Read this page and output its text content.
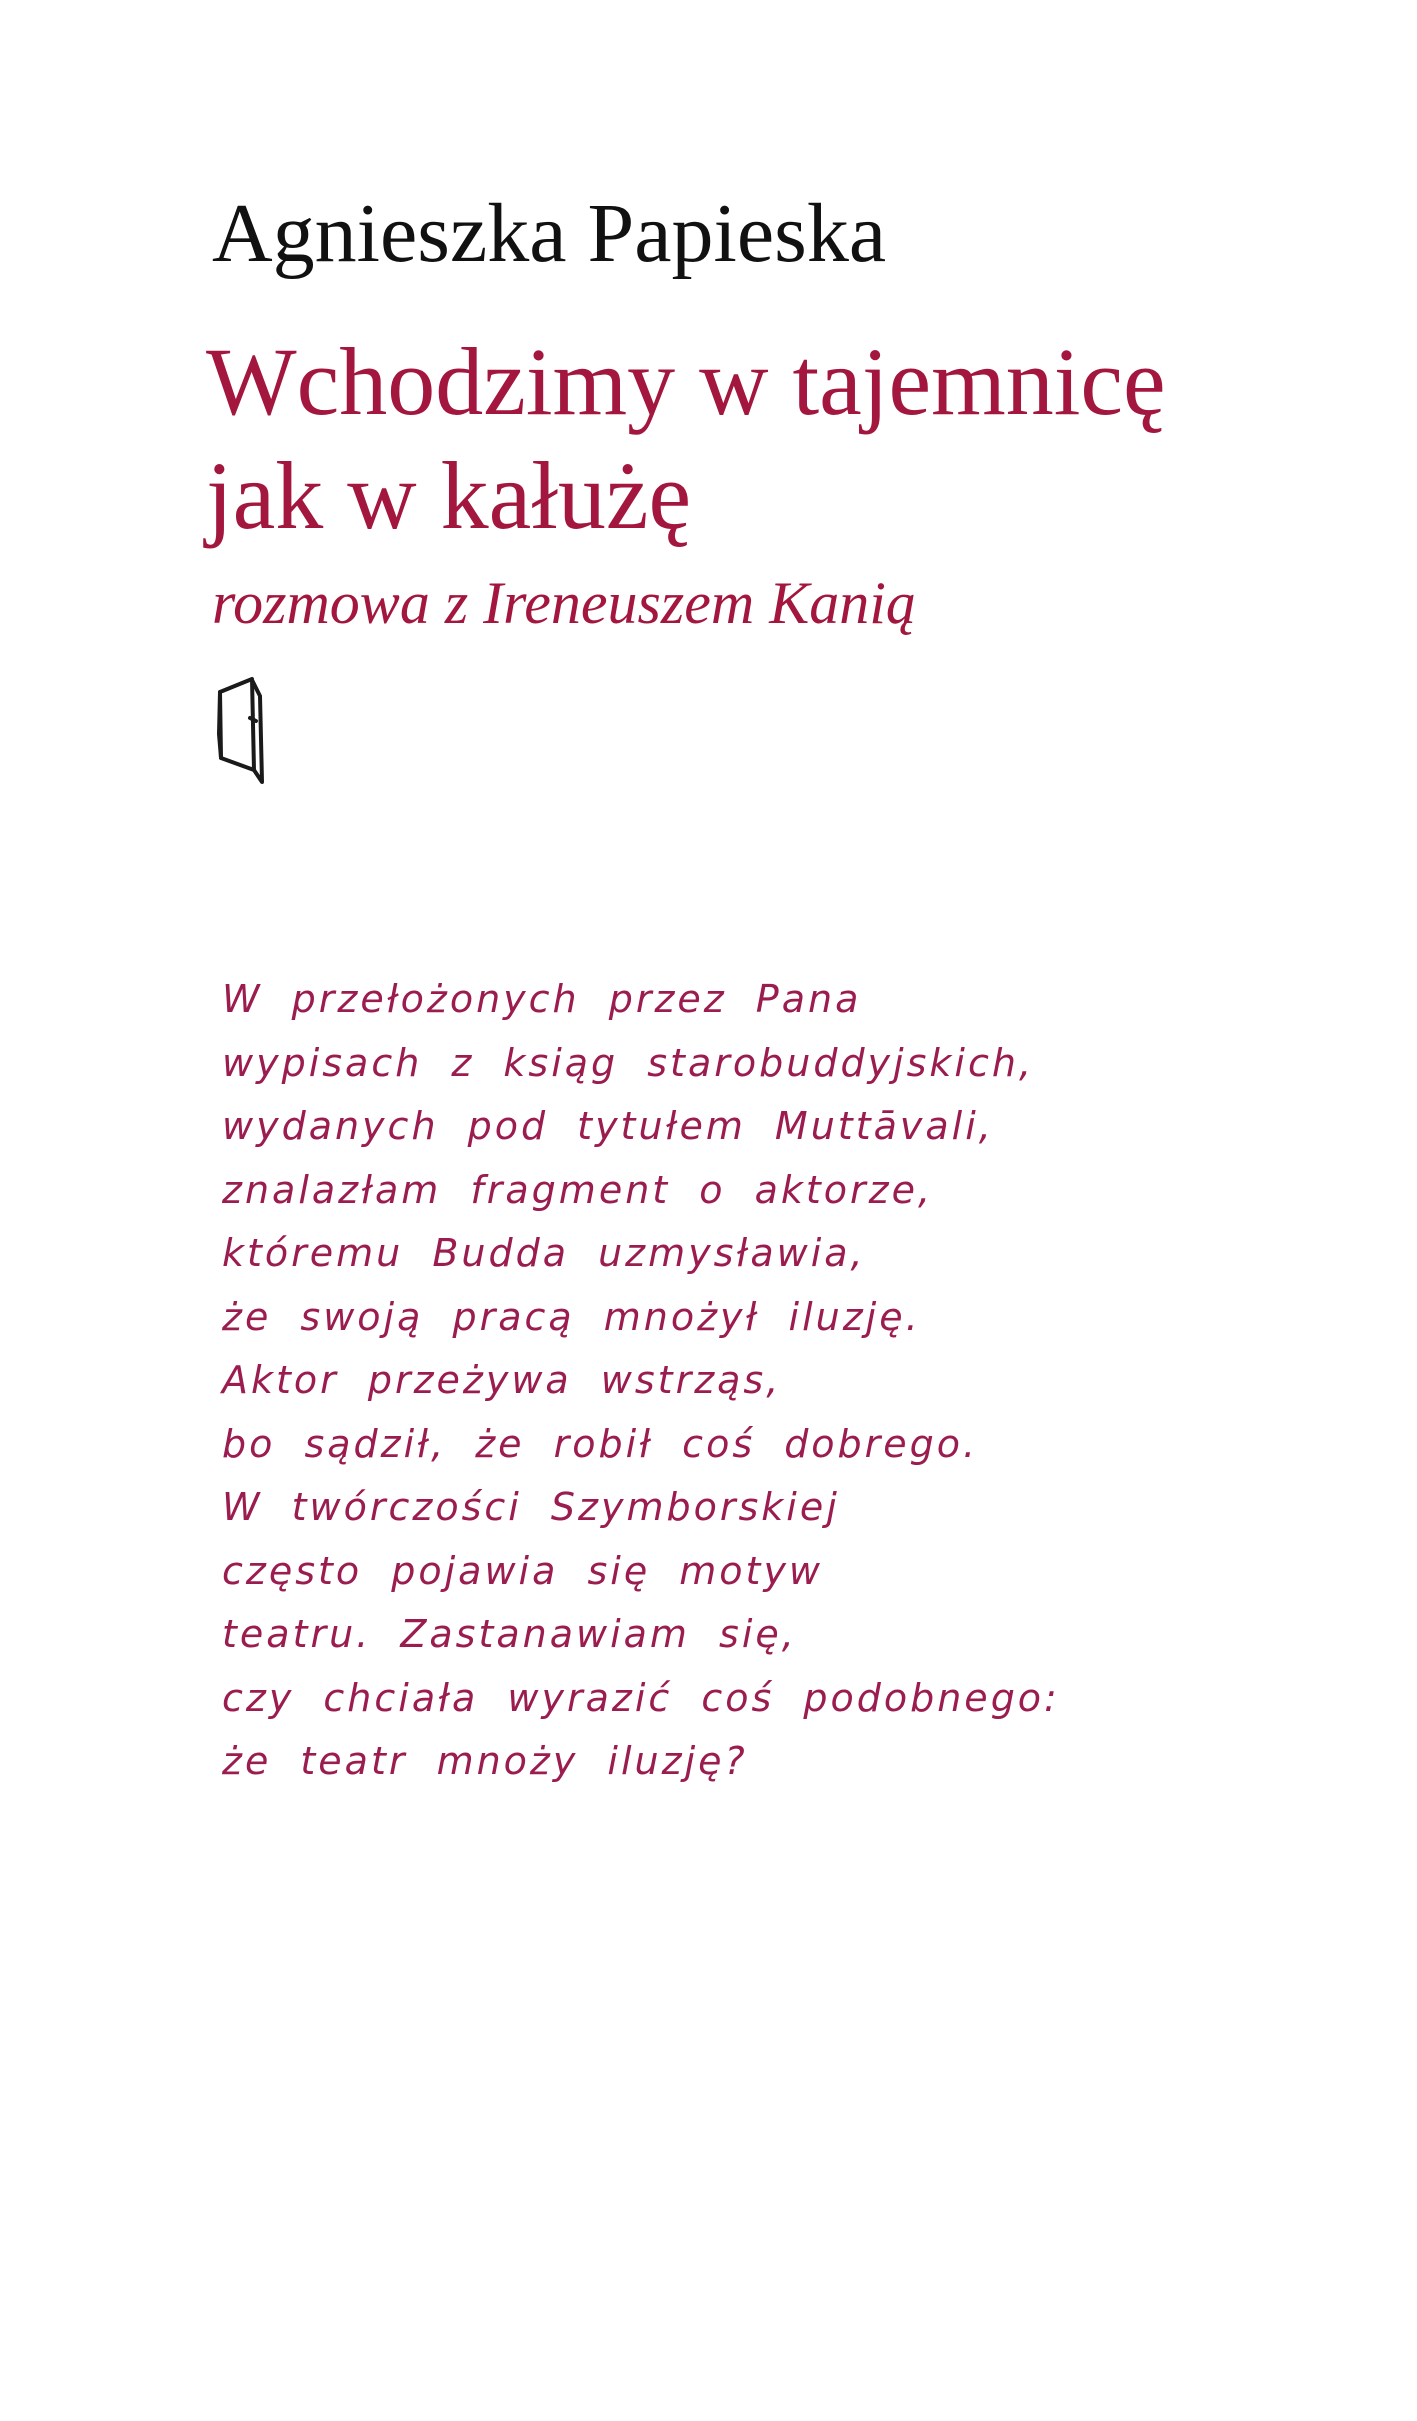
Agnieszka Papieska
Wchodzimy w tajemnicę
jak w kałużę

rozmowa z Ireneuszem Kanią

W przełożonych przez Pana
wypisach z ksiąg starobuddyjskich,
wydanych pod tytułem Muttāvali,
znalazłam fragment o aktorze,
któremu Budda uzmysławia,
że swoją pracą mnożył iluzję.
Aktor przeżywa wstrząs,
bo sądził, że robił coś dobrego.
W twórczości Szymborskiej
często pojawia się motyw
teatru. Zastanawiam się,
czy chciała wyrazić coś podobnego:
że teatr mnoży iluzję?
